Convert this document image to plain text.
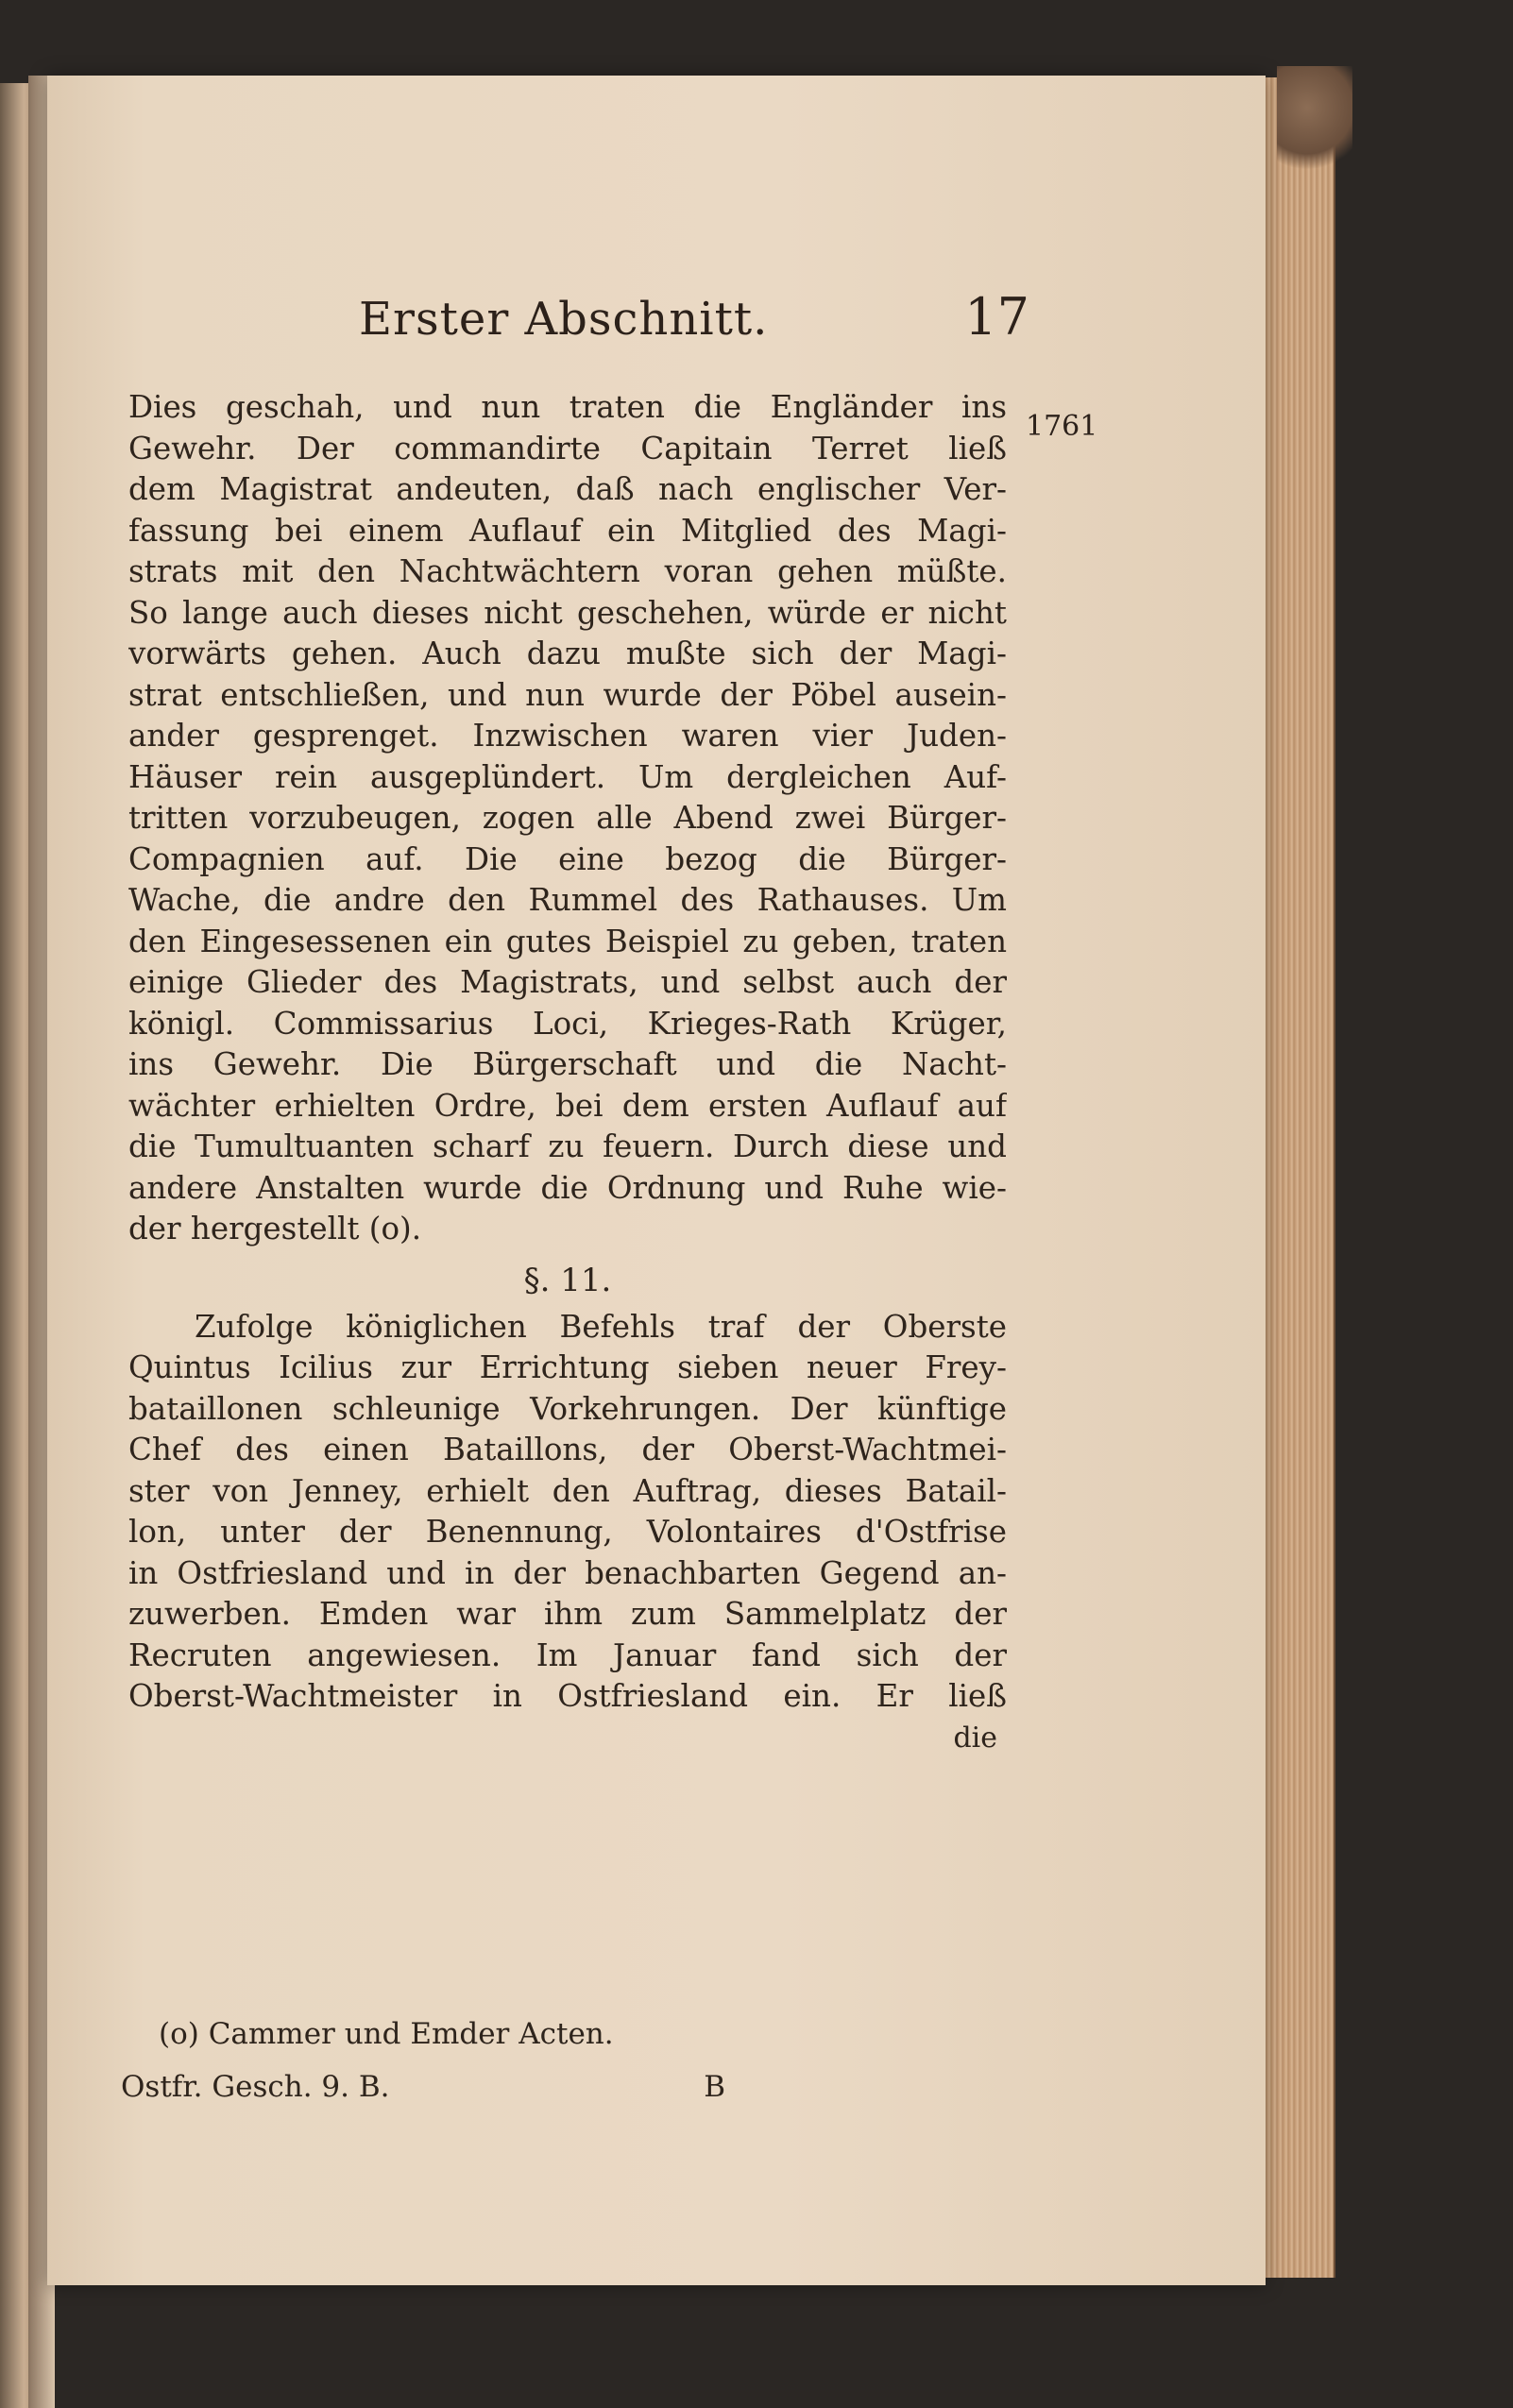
Erster Abschnitt.	17
1761
Dies geschah, und nun traten die Engländer ins
Gewehr. Der commandirte Capitain Terret ließ
dem Magistrat andeuten, daß nach englischer Ver-
fassung bei einem Auflauf ein Mitglied des Magi-
strats mit den Nachtwächtern voran gehen müßte.
So lange auch dieses nicht geschehen, würde er nicht
vorwärts gehen. Auch dazu mußte sich der Magi-
strat entschließen, und nun wurde der Pöbel ausein-
ander gesprenget. Inzwischen waren vier Juden-
Häuser rein ausgeplündert. Um dergleichen Auf-
tritten vorzubeugen, zogen alle Abend zwei Bürger-
Compagnien auf. Die eine bezog die Bürger-
Wache, die andre den Rummel des Rathauses. Um
den Eingesessenen ein gutes Beispiel zu geben, traten
einige Glieder des Magistrats, und selbst auch der
königl. Commissarius Loci, Krieges-Rath Krüger,
ins Gewehr. Die Bürgerschaft und die Nacht-
wächter erhielten Ordre, bei dem ersten Auflauf auf
die Tumultuanten scharf zu feuern. Durch diese und
andere Anstalten wurde die Ordnung und Ruhe wie-
der hergestellt (o).
§. 11.
Zufolge königlichen Befehls traf der Oberste
Quintus Icilius zur Errichtung sieben neuer Frey-
bataillonen schleunige Vorkehrungen. Der künftige
Chef des einen Bataillons, der Oberst-Wachtmei-
ster von Jenney, erhielt den Auftrag, dieses Batail-
lon, unter der Benennung, Volontaires d'Ostfrise
in Ostfriesland und in der benachbarten Gegend an-
zuwerben. Emden war ihm zum Sammelplatz der
Recruten angewiesen. Im Januar fand sich der
Oberst-Wachtmeister in Ostfriesland ein. Er ließ
die
(o) Cammer und Emder Acten.
Ostfr. Gesch. 9. B.	B
